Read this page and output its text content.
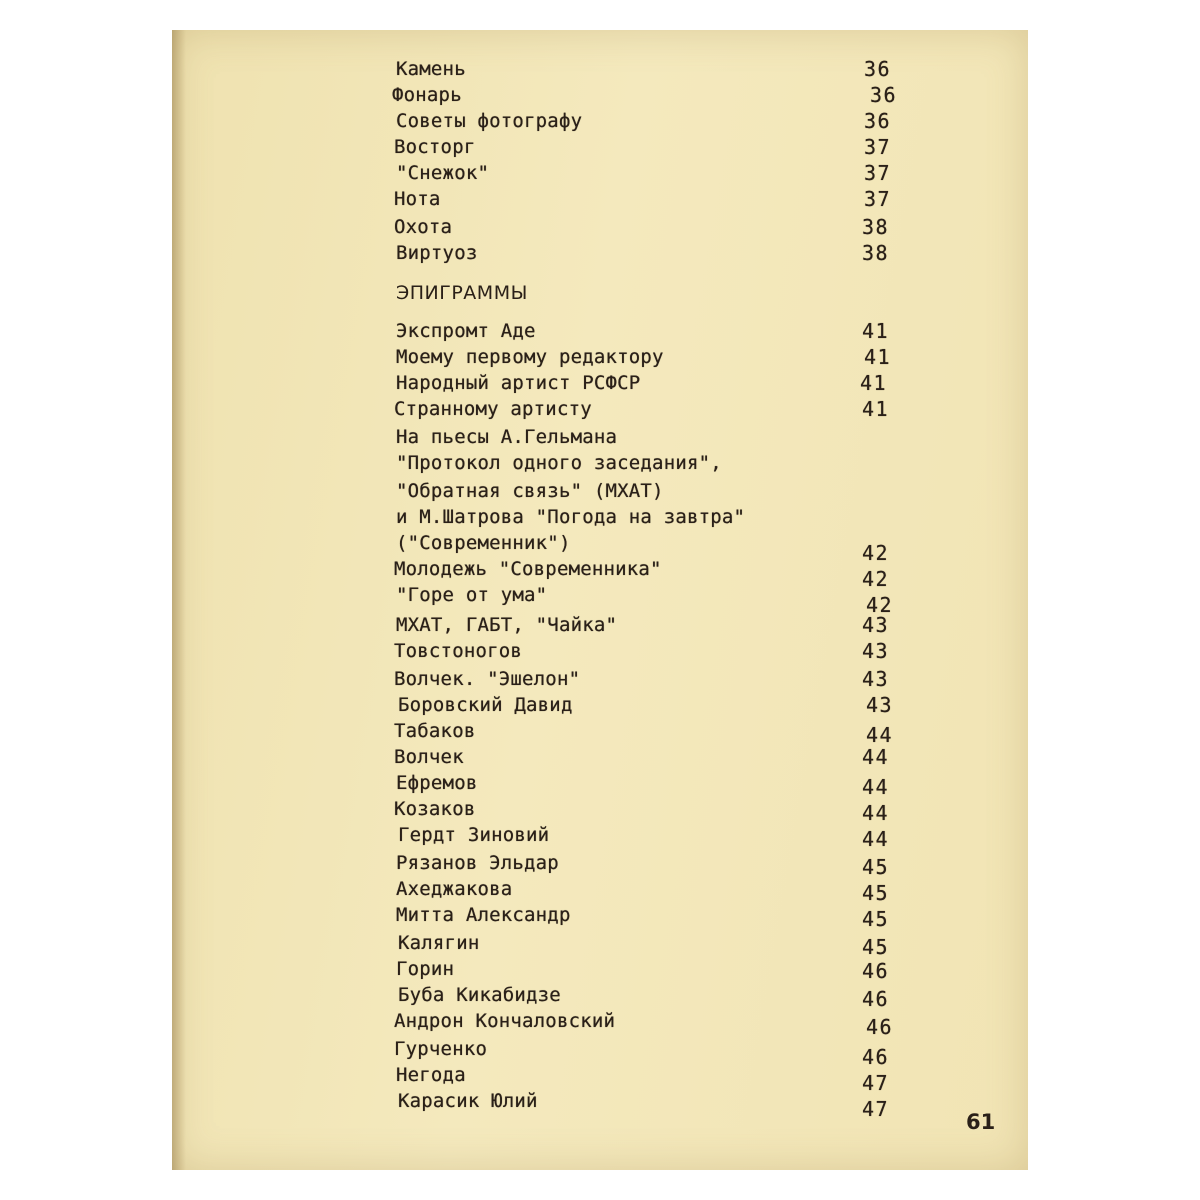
Камень	36
Фонарь	36
Советы фотографу	36
Восторг	37
"Снежок"	37
Нота	37
Охота	38
Виртуоз	38
Экспромт Аде	41
Моему первому редактору	41
Народный артист РСФСР	41
Странному артисту	41
На пьесы А.Гельмана
"Протокол одного заседания",
"Обратная связь" (МХАТ)
и М.Шатрова "Погода на завтра"
("Современник")	42
Молодежь "Современника"	42
"Горе от ума"	42
МХАТ, ГАБТ, "Чайка"	43
Товстоногов	43
Волчек. "Эшелон"	43
Боровский Давид	43
Табаков	44
Волчек	44
Ефремов	44
Козаков	44
Гердт Зиновий	44
Рязанов Эльдар	45
Ахеджакова	45
Митта Александр	45
Калягин	45
Горин	46
Буба Кикабидзе	46
Андрон Кончаловский	46
Гурченко	46
Негода	47
Карасик Юлий	47
ЭПИГРАММЫ
61
